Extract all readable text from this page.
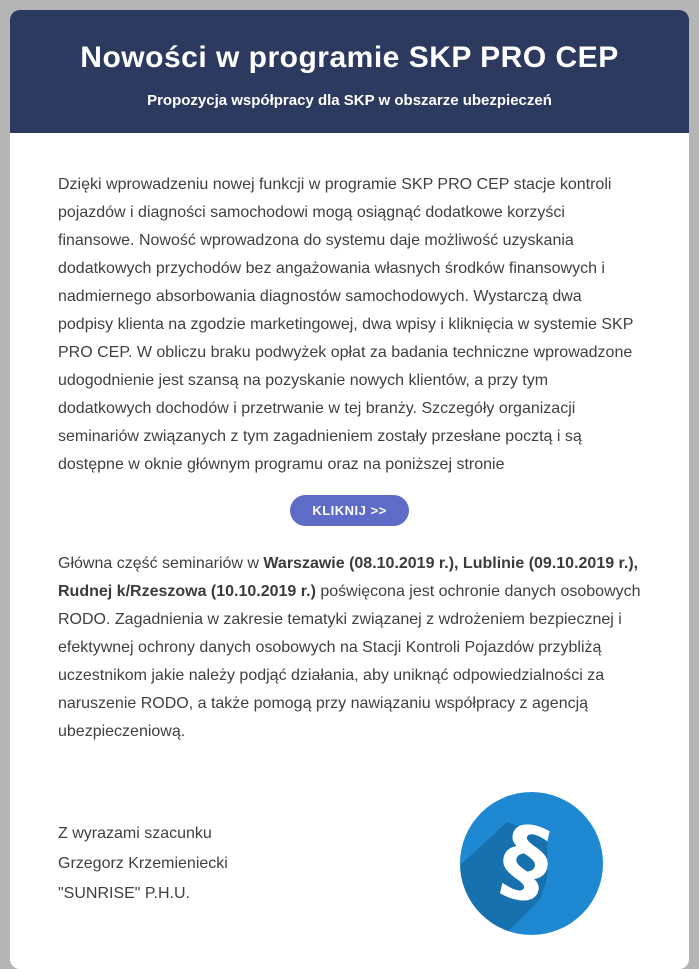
Nowości w programie SKP PRO CEP
Propozycja współpracy dla SKP w obszarze ubezpieczeń

Dzięki wprowadzeniu nowej funkcji w programie SKP PRO CEP stacje kontroli pojazdów i diagności samochodowi mogą osiągnąć dodatkowe korzyści finansowe. Nowość wprowadzona do systemu daje możliwość uzyskania dodatkowych przychodów bez angażowania własnych środków finansowych i nadmiernego absorbowania diagnostów samochodowych. Wystarczą dwa podpisy klienta na zgodzie marketingowej, dwa wpisy i kliknięcia w systemie SKP PRO CEP. W obliczu braku podwyżek opłat za badania techniczne wprowadzone udogodnienie jest szansą na pozyskanie nowych klientów, a przy tym dodatkowych dochodów i przetrwanie w tej branży. Szczegóły organizacji seminariów związanych z tym zagadnieniem zostały przesłane pocztą i są dostępne w oknie głównym programu oraz na poniższej stronie

KLIKNIJ >>

Główna część seminariów w Warszawie (08.10.2019 r.), Lublinie (09.10.2019 r.), Rudnej k/Rzeszowa (10.10.2019 r.) poświęcona jest ochronie danych osobowych RODO. Zagadnienia w zakresie tematyki związanej z wdrożeniem bezpiecznej i efektywnej ochrony danych osobowych na Stacji Kontroli Pojazdów przybliżą uczestnikom jakie należy podjąć działania, aby uniknąć odpowiedzialności za naruszenie RODO, a także pomogą przy nawiązaniu współpracy z agencją ubezpieczeniową.

Z wyrazami szacunku
Grzegorz Krzemieniecki
"SUNRISE" P.H.U.	§
